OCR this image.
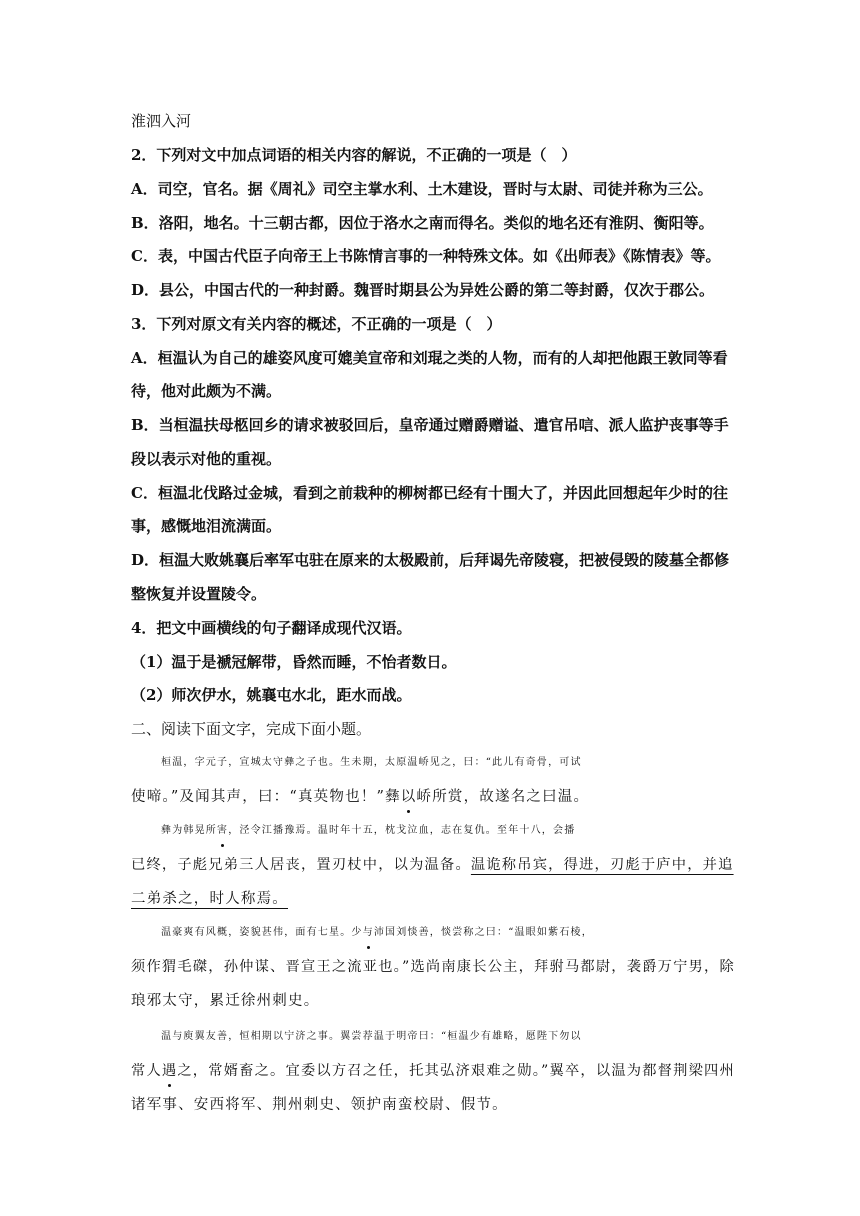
淮泗入河
2．下列对文中加点词语的相关内容的解说，不正确的一项是（　）
A．司空，官名。据《周礼》司空主掌水利、土木建设，晋时与太尉、司徒并称为三公。
B．洛阳，地名。十三朝古都，因位于洛水之南而得名。类似的地名还有淮阴、衡阳等。
C．表，中国古代臣子向帝王上书陈情言事的一种特殊文体。如《出师表》《陈情表》等。
D．县公，中国古代的一种封爵。魏晋时期县公为异姓公爵的第二等封爵，仅次于郡公。
3．下列对原文有关内容的概述，不正确的一项是（　）
A．桓温认为自己的雄姿风度可媲美宣帝和刘琨之类的人物，而有的人却把他跟王敦同等看
待，他对此颇为不满。
B．当桓温扶母柩回乡的请求被驳回后，皇帝通过赠爵赠谥、遣官吊唁、派人监护丧事等手
段以表示对他的重视。
C．桓温北伐路过金城，看到之前栽种的柳树都已经有十围大了，并因此回想起年少时的往
事，感慨地泪流满面。
D．桓温大败姚襄后率军屯驻在原来的太极殿前，后拜谒先帝陵寝，把被侵毁的陵墓全都修
整恢复并设置陵令。
4．把文中画横线的句子翻译成现代汉语。
（1）温于是褫冠解带，昏然而睡，不怡者数日。
（2）师次伊水，姚襄屯水北，距水而战。
二、阅读下面文字，完成下面小题。
桓温，字元子，宣城太守彝之子也。生未期，太原温峤见之，曰：“此儿有奇骨，可试
使啼。”及闻其声，曰：“真英物也！”彝以峤所赏，故遂名之曰温。
彝为韩晃所害，泾令江播豫焉。温时年十五，枕戈泣血，志在复仇。至年十八，会播
已终，子彪兄弟三人居丧，置刃杖中，以为温备。温诡称吊宾，得进，刃彪于庐中，并追
二弟杀之，时人称焉。
温豪爽有风概，姿貌甚伟，面有七星。少与沛国刘惔善，惔尝称之曰：“温眼如紫石棱，
须作猬毛磔，孙仲谋、晋宣王之流亚也。”选尚南康长公主，拜驸马都尉，袭爵万宁男，除
琅邪太守，累迁徐州刺史。
温与庾翼友善，恒相期以宁济之事。翼尝荐温于明帝曰：“桓温少有雄略，愿陛下勿以
常人遇之，常婿畜之。宜委以方召之任，托其弘济艰难之勋。”翼卒，以温为都督荆梁四州
诸军事、安西将军、荆州刺史、领护南蛮校尉、假节。
